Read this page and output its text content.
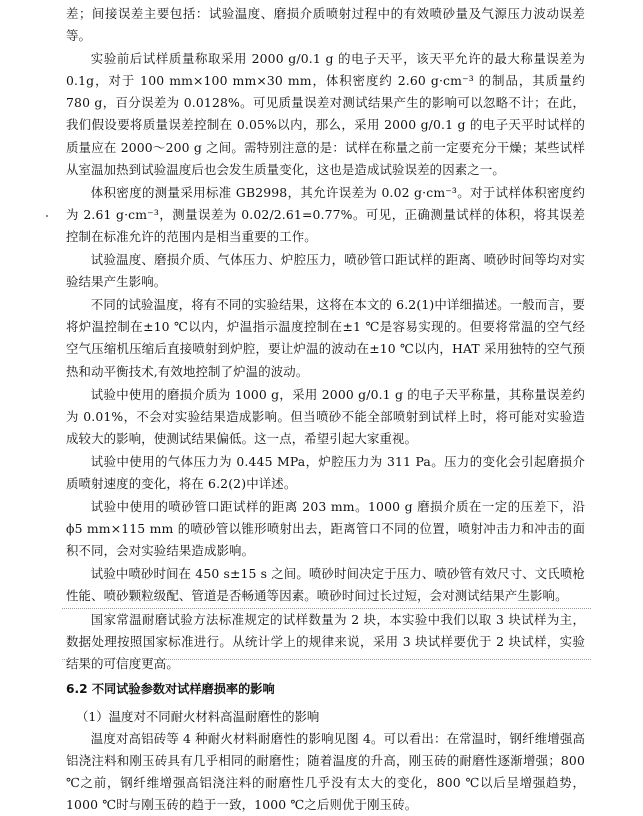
差；间接误差主要包括：试验温度、磨损介质喷射过程中的有效喷砂量及气源压力波动误差等。

实验前后试样质量称取采用 2000 g/0.1 g 的电子天平，该天平允许的最大称量误差为 0.1g，对于 100 mm×100 mm×30 mm，体积密度约 2.60 g·cm⁻³ 的制品，其质量约 780 g，百分误差为 0.0128%。可见质量误差对测试结果产生的影响可以忽略不计；在此，我们假设要将质量误差控制在 0.05%以内，那么，采用 2000 g/0.1 g 的电子天平时试样的质量应在 2000～200 g 之间。需特别注意的是：试样在称量之前一定要充分干燥；某些试样从室温加热到试验温度后也会发生质量变化，这也是造成试验误差的因素之一。

体积密度的测量采用标准 GB2998，其允许误差为 0.02 g·cm⁻³。对于试样体积密度约为 2.61 g·cm⁻³，测量误差为 0.02/2.61=0.77%。可见，正确测量试样的体积，将其误差控制在标准允许的范围内是相当重要的工作。

试验温度、磨损介质、气体压力、炉腔压力，喷砂管口距试样的距离、喷砂时间等均对实验结果产生影响。

不同的试验温度，将有不同的实验结果，这将在本文的 6.2(1)中详细描述。一般而言，要将炉温控制在±10 ℃以内，炉温指示温度控制在±1 ℃是容易实现的。但要将常温的空气经空气压缩机压缩后直接喷射到炉腔，要让炉温的波动在±10 ℃以内，HAT 采用独特的空气预热和动平衡技术,有效地控制了炉温的波动。

试验中使用的磨损介质为 1000 g，采用 2000 g/0.1 g 的电子天平称量，其称量误差约为 0.01%，不会对实验结果造成影响。但当喷砂不能全部喷射到试样上时，将可能对实验造成较大的影响，使测试结果偏低。这一点，希望引起大家重视。

试验中使用的气体压力为 0.445 MPa，炉腔压力为 311 Pa。压力的变化会引起磨损介质喷射速度的变化，将在 6.2(2)中详述。

试验中使用的喷砂管口距试样的距离 203 mm。1000 g 磨损介质在一定的压差下，沿 ϕ5 mm×115 mm 的喷砂管以锥形喷射出去，距离管口不同的位置，喷射冲击力和冲击的面积不同，会对实验结果造成影响。

试验中喷砂时间在 450 s±15 s 之间。喷砂时间决定于压力、喷砂管有效尺寸、文氏喷枪性能、喷砂颗粒级配、管道是否畅通等因素。喷砂时间过长过短，会对测试结果产生影响。

国家常温耐磨试验方法标准规定的试样数量为 2 块，本实验中我们以取 3 块试样为主，数据处理按照国家标准进行。从统计学上的规律来说，采用 3 块试样要优于 2 块试样，实验结果的可信度更高。

6.2 不同试验参数对试样磨损率的影响
（1）温度对不同耐火材料高温耐磨性的影响

温度对高铝砖等 4 种耐火材料耐磨性的影响见图 4。可以看出：在常温时，钢纤维增强高铝浇注料和刚玉砖具有几乎相同的耐磨性；随着温度的升高，刚玉砖的耐磨性逐渐增强；800 ℃之前，钢纤维增强高铝浇注料的耐磨性几乎没有太大的变化，800 ℃以后呈增强趋势，1000 ℃时与刚玉砖的趋于一致，1000 ℃之后则优于刚玉砖。
